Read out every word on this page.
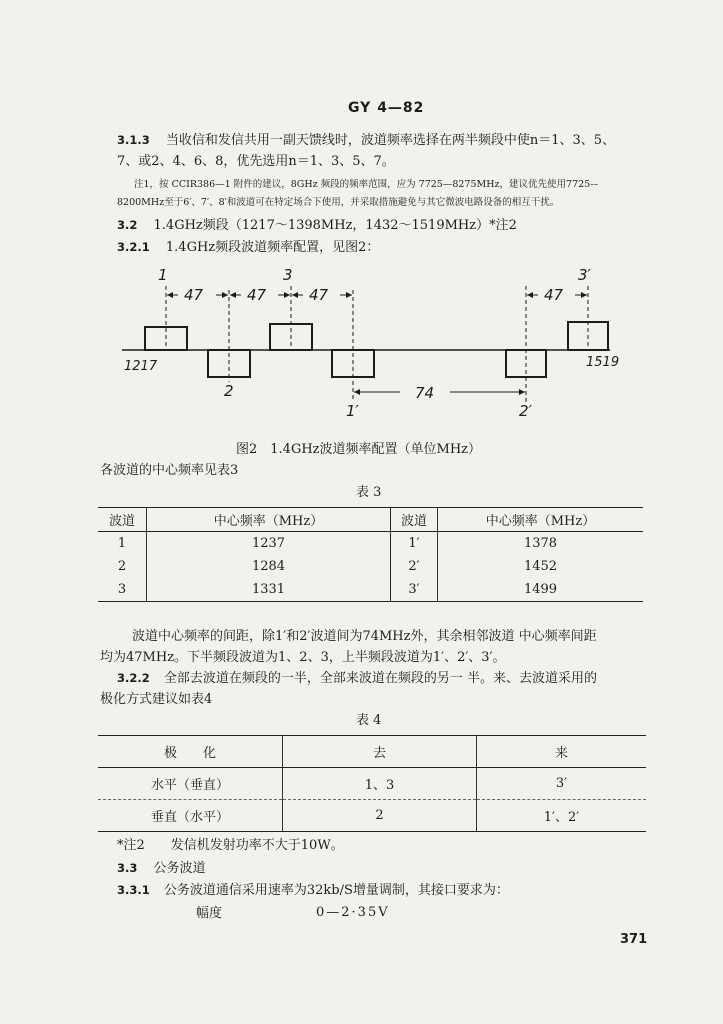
GY 4—82
3.1.3 当收信和发信共用一副天馈线时，波道频率选择在两半频段中使n＝1、3、5、
7、或2、4、6、8，优先选用n＝1、3、5、7。
注1，按 CCIR386—1 附件的建议，8GHz 频段的频率范围，应为 7725—8275MHz，建议优先使用7725-–
8200MHz至于6′、7′、8′和波道可在特定场合下使用，并采取措施避免与其它微波电路设备的相互干扰。
3.2 1.4GHz频段（1217～1398MHz，1432～1519MHz）*注2
3.2.1 1.4GHz频段波道频率配置，见图2：
1	3	3′
2
1′	2′
47	47	47	47
74
1217	1519
图2　1.4GHz波道频率配置（单位MHz）
各波道的中心频率见表3
表 3
波道	中心频率（MHz）	波道	中心频率（MHz）
1	1237	1′	1378
2	1284	2′	1452
3	1331	3′	1499
波道中心频率的间距，除1′和2′波道间为74MHz外，其余相邻波道 中心频率间距
均为47MHz。下半频段波道为1、2、3，上半频段波道为1′、2′、3′。
3.2.2 全部去波道在频段的一半，全部来波道在频段的另一 半。来、去波道采用的
极化方式建议如表4
表 4
极　　化	去	来
水平（垂直）	1、3	3′
垂直（水平）	2	1′、2′
*注2　　发信机发射功率不大于10W。
3.3 公务波道
3.3.1 公务波道通信采用速率为32kb/S增量调制，其接口要求为：
幅度	0—2·35V
371
